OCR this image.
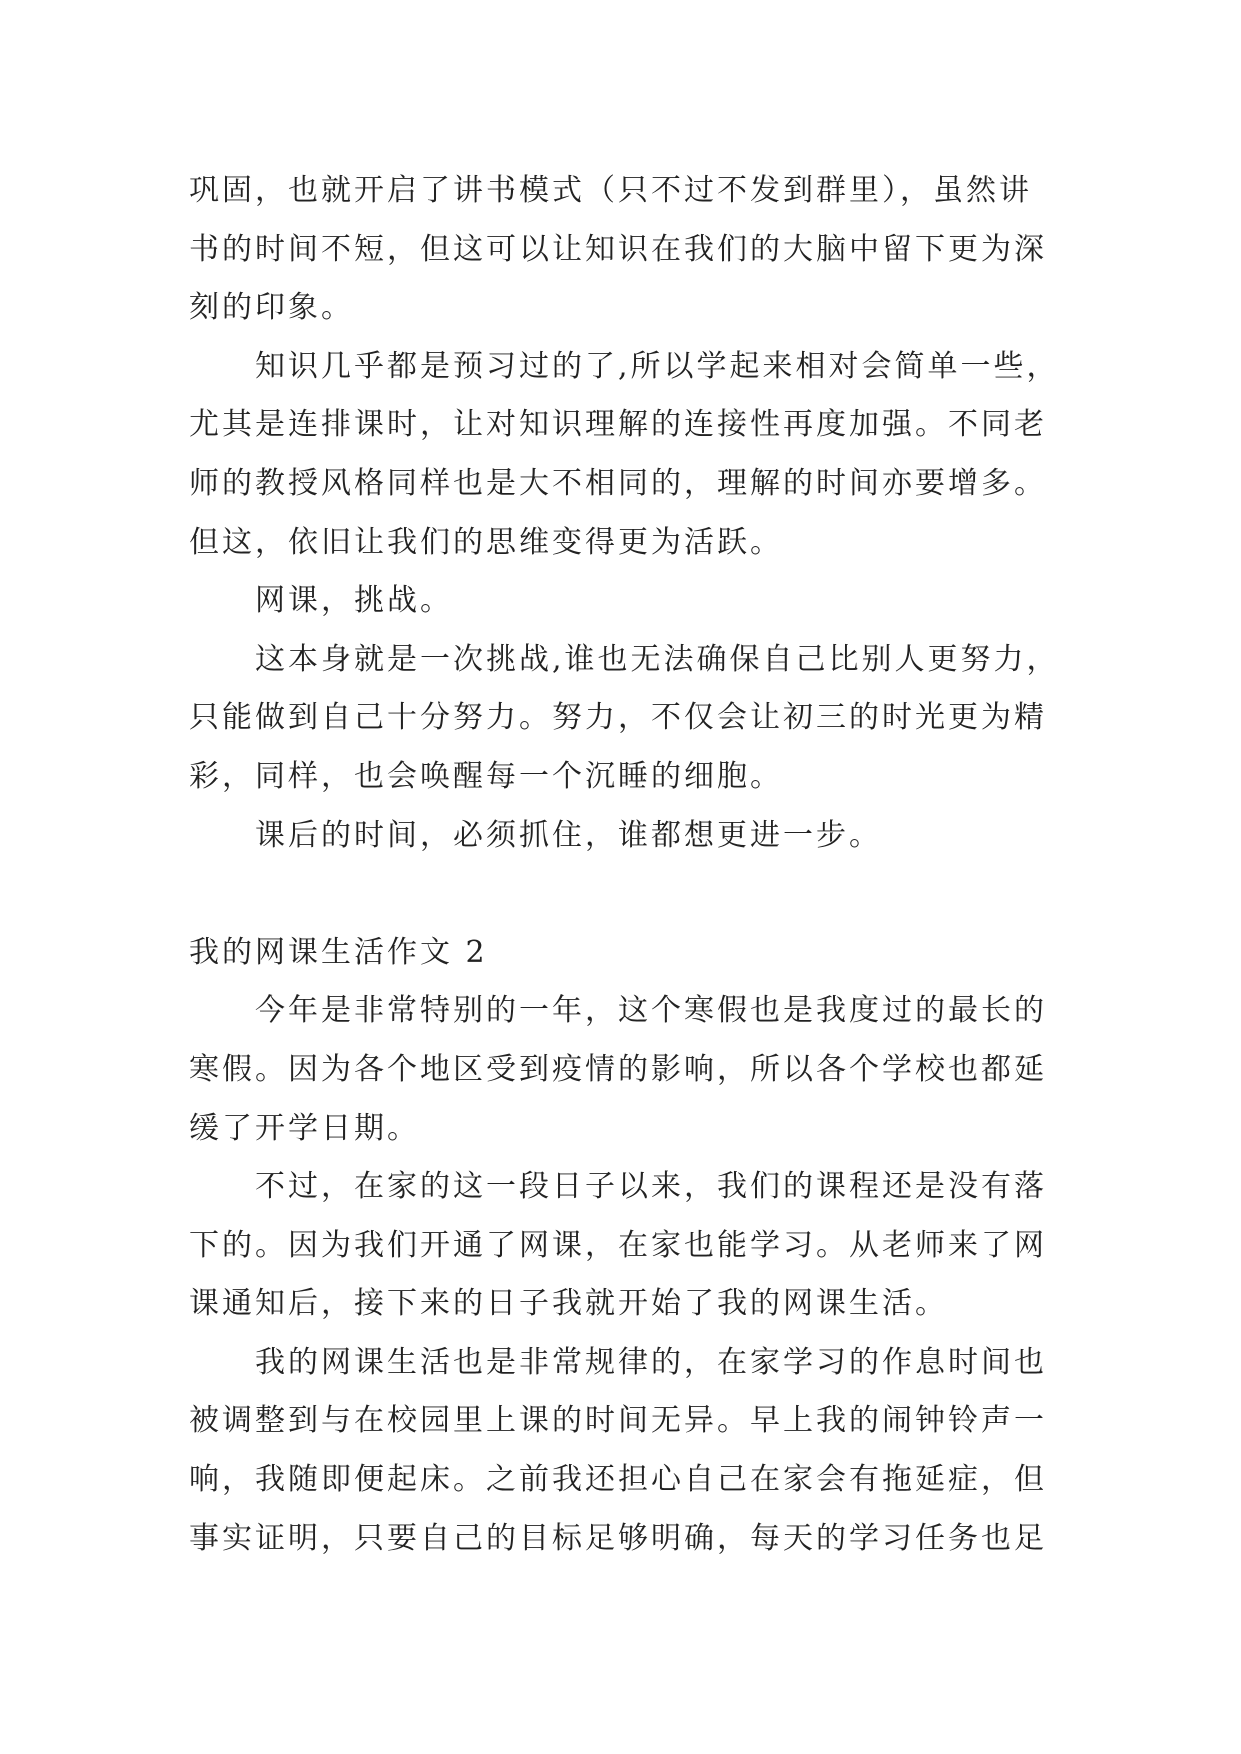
巩固，也就开启了讲书模式（只不过不发到群里），虽然讲
书的时间不短，但这可以让知识在我们的大脑中留下更为深
刻的印象。
知识几乎都是预习过的了,所以学起来相对会简单一些，
尤其是连排课时，让对知识理解的连接性再度加强。不同老
师的教授风格同样也是大不相同的，理解的时间亦要增多。
但这，依旧让我们的思维变得更为活跃。
网课，挑战。
这本身就是一次挑战,谁也无法确保自己比别人更努力，
只能做到自己十分努力。努力，不仅会让初三的时光更为精
彩，同样，也会唤醒每一个沉睡的细胞。
课后的时间，必须抓住，谁都想更进一步。
我的网课生活作文 2
今年是非常特别的一年，这个寒假也是我度过的最长的
寒假。因为各个地区受到疫情的影响，所以各个学校也都延
缓了开学日期。
不过，在家的这一段日子以来，我们的课程还是没有落
下的。因为我们开通了网课，在家也能学习。从老师来了网
课通知后，接下来的日子我就开始了我的网课生活。
我的网课生活也是非常规律的，在家学习的作息时间也
被调整到与在校园里上课的时间无异。早上我的闹钟铃声一
响，我随即便起床。之前我还担心自己在家会有拖延症，但
事实证明，只要自己的目标足够明确，每天的学习任务也足
